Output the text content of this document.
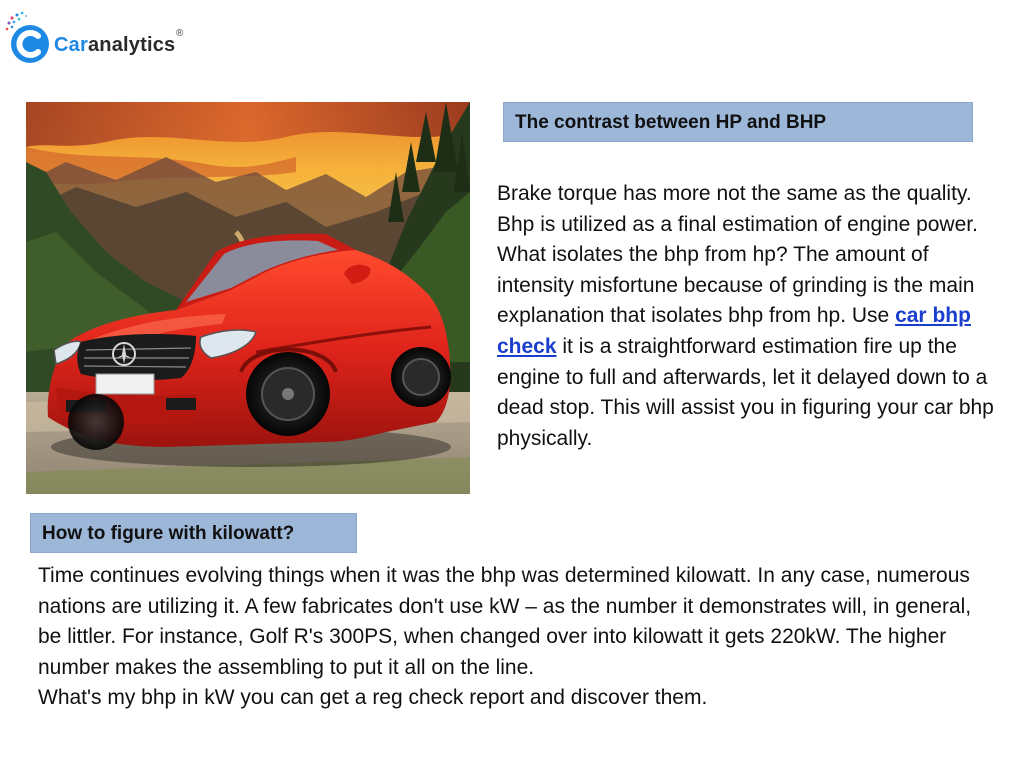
Caranalytics
®
The contrast between HP and BHP
Brake torque has more not the same as the quality. Bhp is utilized as a final estimation of engine power. What isolates the bhp from hp? The amount of intensity misfortune because of grinding is the main explanation that isolates bhp from hp. Use car bhp check it is a straightforward estimation fire up the engine to full and afterwards, let it delayed down to a dead stop. This will assist you in figuring your car bhp physically.
How to figure with kilowatt?
Time continues evolving things when it was the bhp was determined kilowatt. In any case, numerous nations are utilizing it. A few fabricates don't use kW – as the number it demonstrates will, in general, be littler. For instance, Golf R's 300PS, when changed over into kilowatt it gets 220kW. The higher number makes the assembling to put it all on the line.
What's my bhp in kW you can get a reg check report and discover them.
